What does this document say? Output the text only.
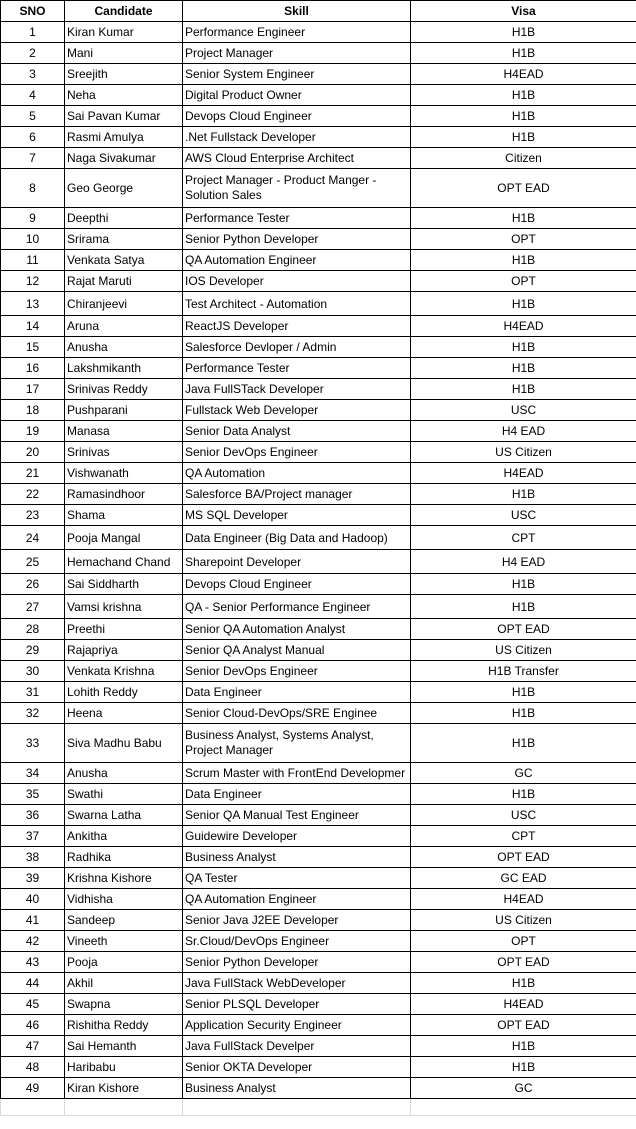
SNO	Candidate	Skill	Visa
1	Kiran Kumar	Performance Engineer	H1B
2	Mani	Project Manager	H1B
3	Sreejith	Senior System Engineer	H4EAD
4	Neha	Digital Product Owner	H1B
5	Sai Pavan Kumar	Devops Cloud Engineer	H1B
6	Rasmi Amulya	.Net Fullstack Developer	H1B
7	Naga Sivakumar	AWS Cloud Enterprise Architect	Citizen
8	Geo George	Project Manager - Product Manger - Solution Sales	OPT EAD
9	Deepthi	Performance Tester	H1B
10	Srirama	Senior Python Developer	OPT
11	Venkata Satya	QA Automation Engineer	H1B
12	Rajat Maruti	IOS Developer	OPT
13	Chiranjeevi	Test Architect - Automation	H1B
14	Aruna	ReactJS Developer	H4EAD
15	Anusha	Salesforce Devloper / Admin	H1B
16	Lakshmikanth	Performance Tester	H1B
17	Srinivas Reddy	Java FullSTack Developer	H1B
18	Pushparani	Fullstack Web Developer	USC
19	Manasa	Senior Data Analyst	H4 EAD
20	Srinivas	Senior DevOps Engineer	US Citizen
21	Vishwanath	QA Automation	H4EAD
22	Ramasindhoor	Salesforce BA/Project manager	H1B
23	Shama	MS SQL Developer	USC
24	Pooja Mangal	Data Engineer (Big Data and Hadoop)	CPT
25	Hemachand Chand	Sharepoint Developer	H4 EAD
26	Sai Siddharth	Devops Cloud Engineer	H1B
27	Vamsi krishna	QA - Senior Performance Engineer	H1B
28	Preethi	Senior QA Automation Analyst	OPT EAD
29	Rajapriya	Senior QA Analyst Manual	US Citizen
30	Venkata Krishna	Senior DevOps Engineer	H1B Transfer
31	Lohith Reddy	Data Engineer	H1B
32	Heena	Senior Cloud-DevOps/SRE Enginee	H1B
33	Siva Madhu Babu	Business Analyst, Systems Analyst, Project Manager	H1B
34	Anusha	Scrum Master with FrontEnd Developmer	GC
35	Swathi	Data Engineer	H1B
36	Swarna Latha	Senior QA Manual Test Engineer	USC
37	Ankitha	Guidewire Developer	CPT
38	Radhika	Business Analyst	OPT EAD
39	Krishna Kishore	QA Tester	GC EAD
40	Vidhisha	QA Automation Engineer	H4EAD
41	Sandeep	Senior Java J2EE Developer	US Citizen
42	Vineeth	Sr.Cloud/DevOps Engineer	OPT
43	Pooja	Senior Python Developer	OPT EAD
44	Akhil	Java FullStack WebDeveloper	H1B
45	Swapna	Senior PLSQL Developer	H4EAD
46	Rishitha Reddy	Application Security Engineer	OPT EAD
47	Sai Hemanth	Java FullStack Develper	H1B
48	Haribabu	Senior OKTA Developer	H1B
49	Kiran Kishore	Business Analyst	GC
